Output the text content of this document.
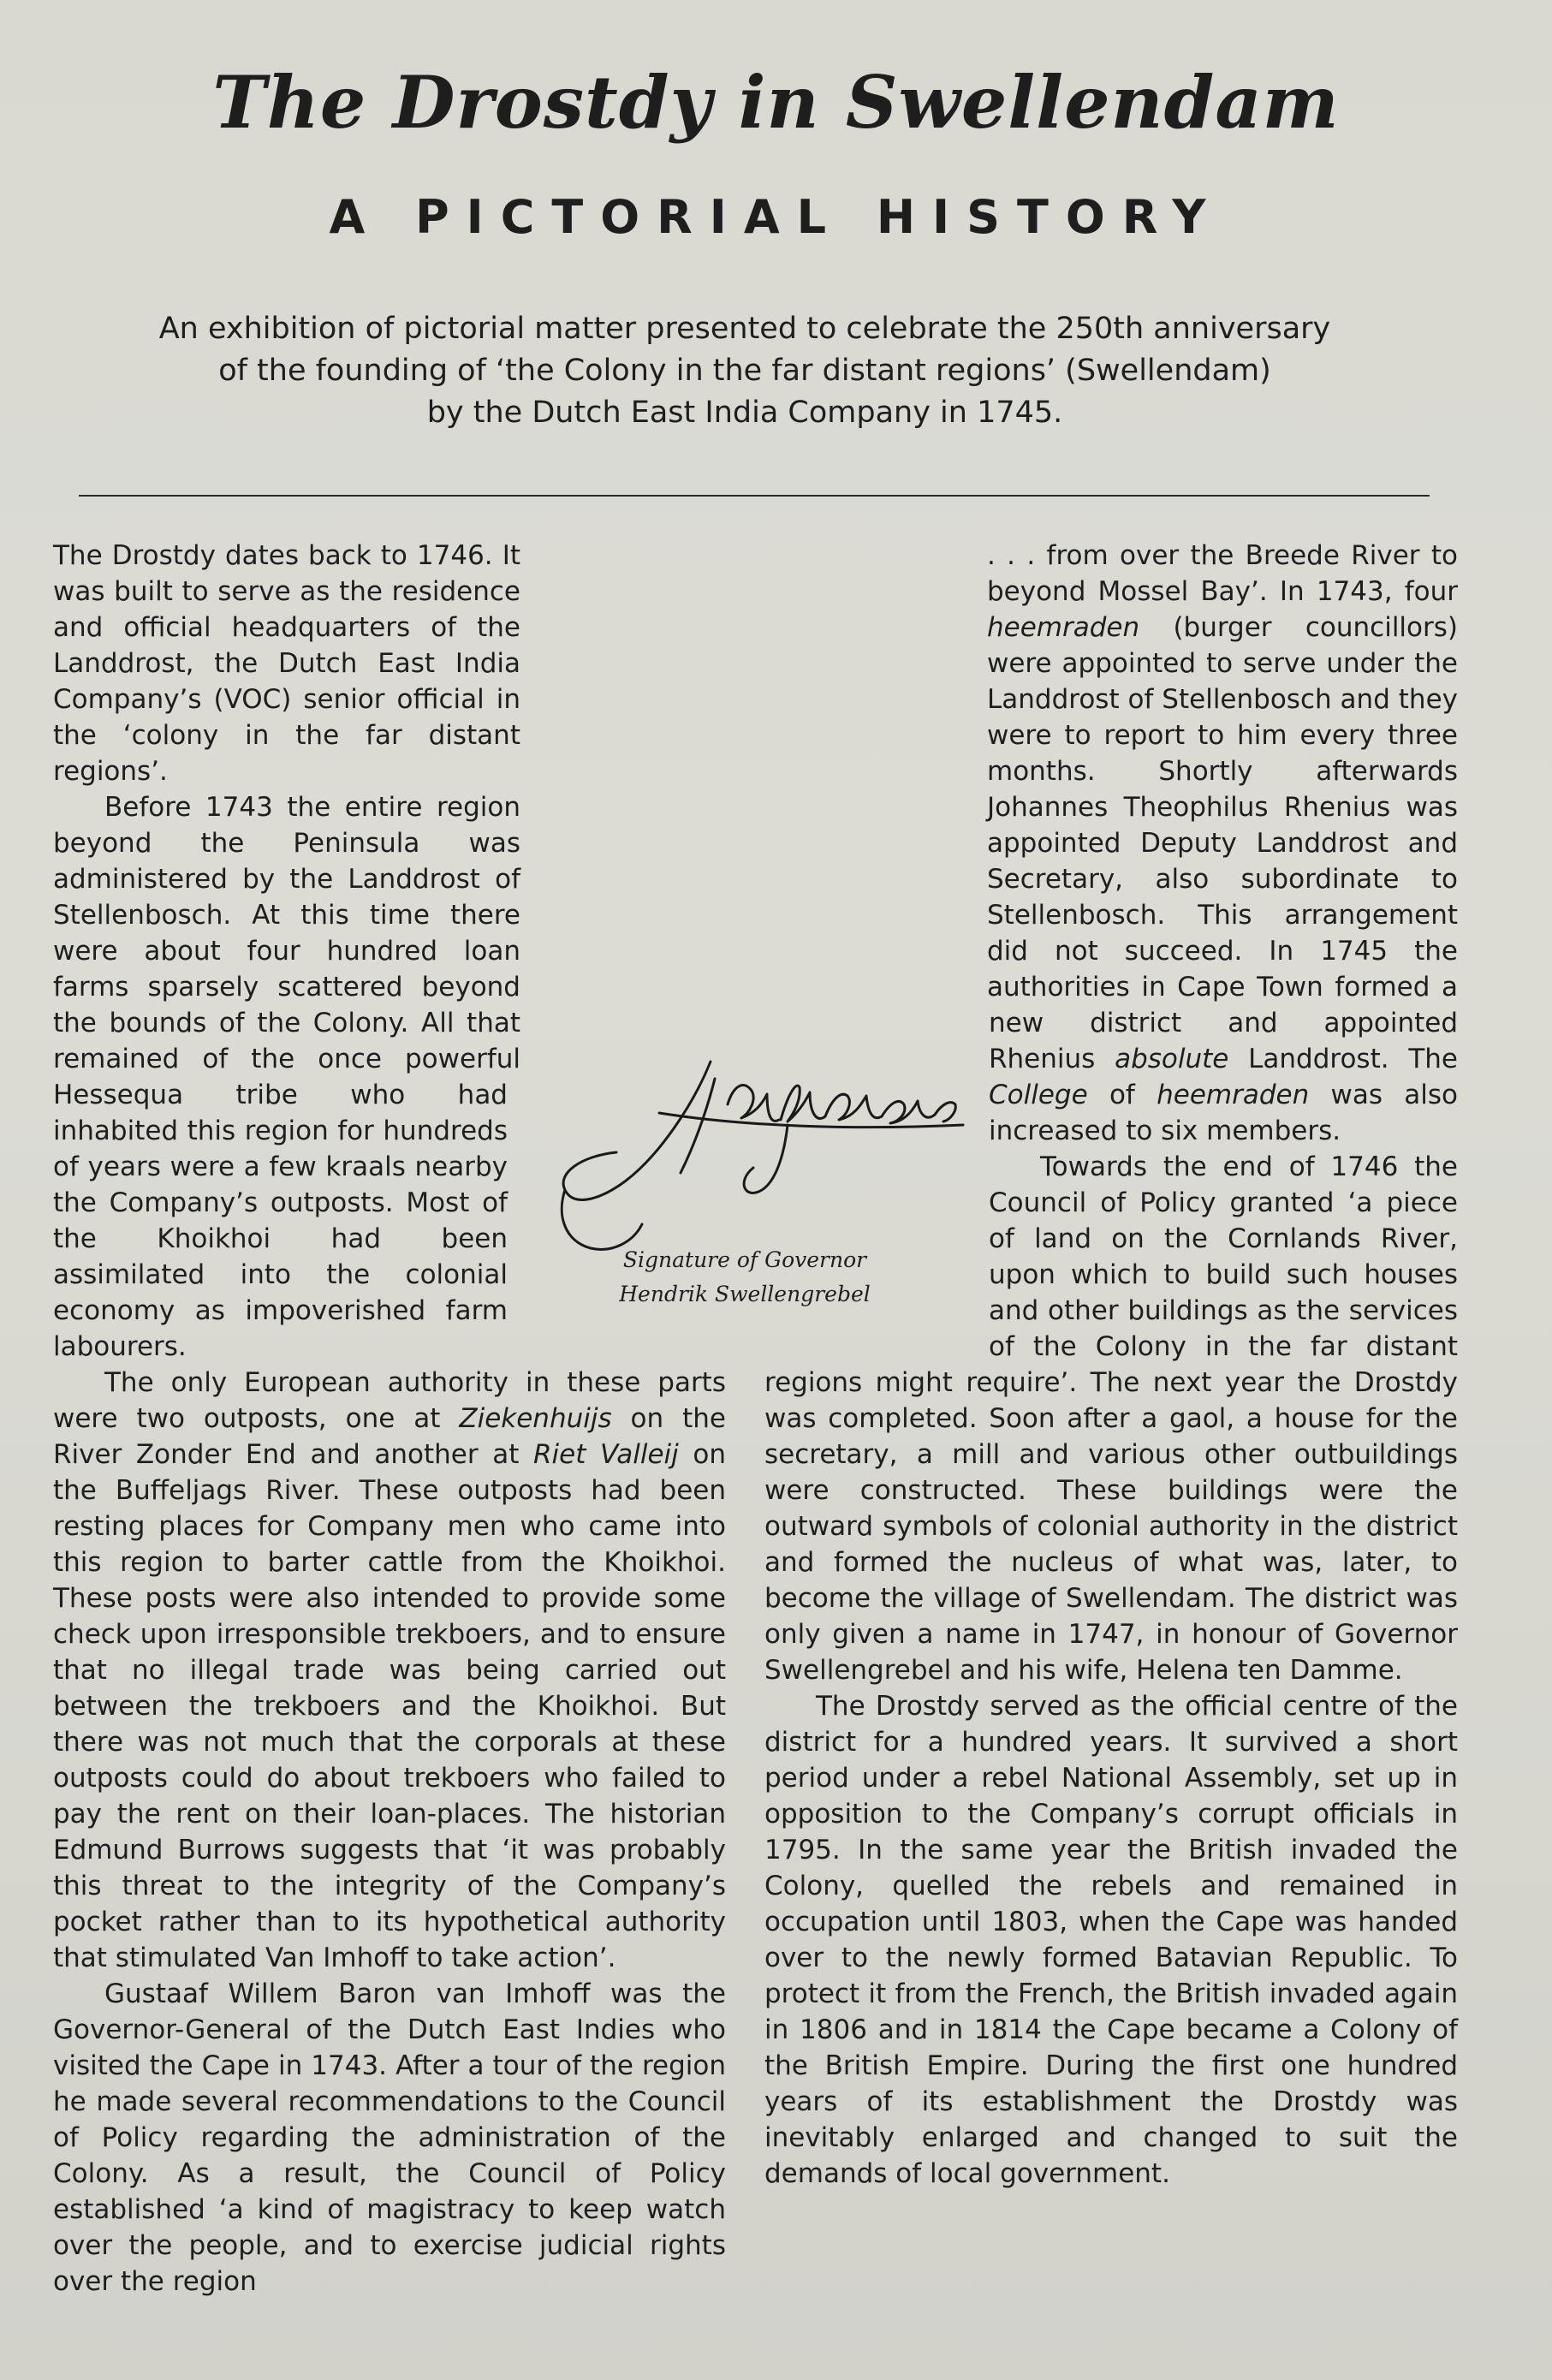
The Drostdy in Swellendam
A PICTORIAL HISTORY
An exhibition of pictorial matter presented to celebrate the 250th anniversary
of the founding of ‘the Colony in the far distant regions’ (Swellendam)
by the Dutch East India Company in 1745.

The Drostdy dates back to 1746. It was built to serve as the residence and official headquarters of the Landdrost, the Dutch East India Company’s (VOC) senior official in the ‘colony in the far distant regions’.

Before 1743 the entire region beyond the Peninsula was administered by the Landdrost of Stellenbosch. At this time there were about four hundred loan farms sparsely scattered beyond the bounds of the Colony. All that remained of the once powerful Hessequa tribe who had inhabited this region for hundreds of years were a few kraals nearby the Company’s outposts. Most of the Khoikhoi had been assimilated into the colonial economy as impoverished farm labourers.

The only European authority in these parts were two outposts, one at Ziekenhuijs on the River Zonder End and another at Riet Valleij on the Buffeljags River. These outposts had been resting places for Company men who came into this region to barter cattle from the Khoikhoi. These posts were also intended to provide some check upon irresponsible trekboers, and to ensure that no illegal trade was being carried out between the trekboers and the Khoikhoi. But there was not much that the corporals at these outposts could do about trekboers who failed to pay the rent on their loan-places. The historian Edmund Burrows suggests that ‘it was probably this threat to the integrity of the Company’s pocket rather than to its hypothetical authority that stimulated Van Imhoff to take action’.

Gustaaf Willem Baron van Imhoff was the Governor-General of the Dutch East Indies who visited the Cape in 1743. After a tour of the region he made several recommendations to the Council of Policy regarding the administration of the Colony. As a result, the Council of Policy established ‘a kind of magistracy to keep watch over the people, and to exercise judicial rights over the region

. . . from over the Breede River to beyond Mossel Bay’. In 1743, four heemraden (burger councillors) were appointed to serve under the Landdrost of Stellenbosch and they were to report to him every three months. Shortly afterwards Johannes Theophilus Rhenius was appointed Deputy Landdrost and Secretary, also subordinate to Stellenbosch. This arrangement did not succeed. In 1745 the authorities in Cape Town formed a new district and appointed Rhenius absolute Landdrost. The College of heemraden was also increased to six members.

Towards the end of 1746 the Council of Policy granted ‘a piece of land on the Cornlands River, upon which to build such houses and other buildings as the services of the Colony in the far distant regions might require’. The next year the Drostdy was completed. Soon after a gaol, a house for the secretary, a mill and various other outbuildings were constructed. These buildings were the outward symbols of colonial authority in the district and formed the nucleus of what was, later, to become the village of Swellendam. The district was only given a name in 1747, in honour of Governor Swellengrebel and his wife, Helena ten Damme.

The Drostdy served as the official centre of the district for a hundred years. It survived a short period under a rebel National Assembly, set up in opposition to the Company’s corrupt officials in 1795. In the same year the British invaded the Colony, quelled the rebels and remained in occupation until 1803, when the Cape was handed over to the newly formed Batavian Republic. To protect it from the French, the British invaded again in 1806 and in 1814 the Cape became a Colony of the British Empire. During the first one hundred years of its establishment the Drostdy was inevitably enlarged and changed to suit the demands of local government.

Signature of Governor
Hendrik Swellengrebel
